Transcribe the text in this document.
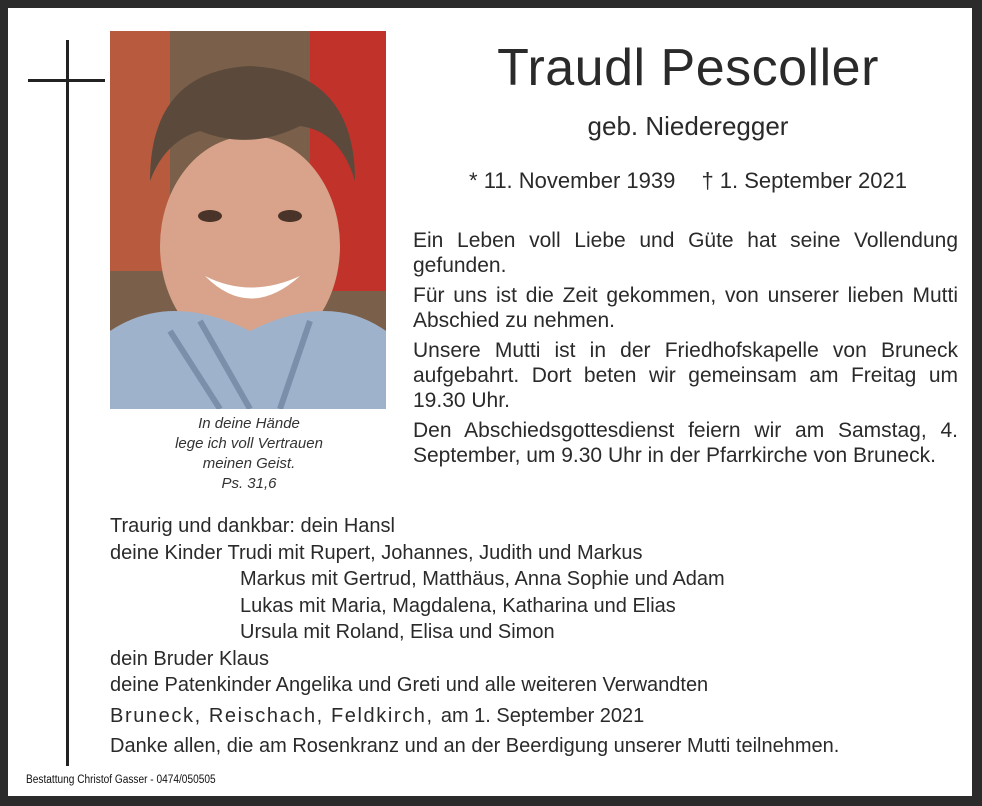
In deine Hände
lege ich voll Vertrauen
meinen Geist.
Ps. 31,6
Traudl Pescoller
geb. Niederegger
* 11. November 1939 † 1. September 2021

Ein Leben voll Liebe und Güte hat seine Vollendung gefunden.

Für uns ist die Zeit gekommen, von unserer lieben Mutti Abschied zu nehmen.

Unsere Mutti ist in der Friedhofskapelle von Bruneck aufgebahrt. Dort beten wir gemeinsam am Freitag um 19.30 Uhr.

Den Abschiedsgottesdienst feiern wir am Samstag, 4. September, um 9.30 Uhr in der Pfarrkirche von Bruneck.

Traurig und dankbar: dein Hansl
deine Kinder Trudi mit Rupert, Johannes, Judith und Markus
Markus mit Gertrud, Matthäus, Anna Sophie und Adam
Lukas mit Maria, Magdalena, Katharina und Elias
Ursula mit Roland, Elisa und Simon
dein Bruder Klaus
deine Patenkinder Angelika und Greti und alle weiteren Verwandten
Bruneck, Reischach, Feldkirch, am 1. September 2021
Danke allen, die am Rosenkranz und an der Beerdigung unserer Mutti teilnehmen.
Bestattung Christof Gasser - 0474/050505
